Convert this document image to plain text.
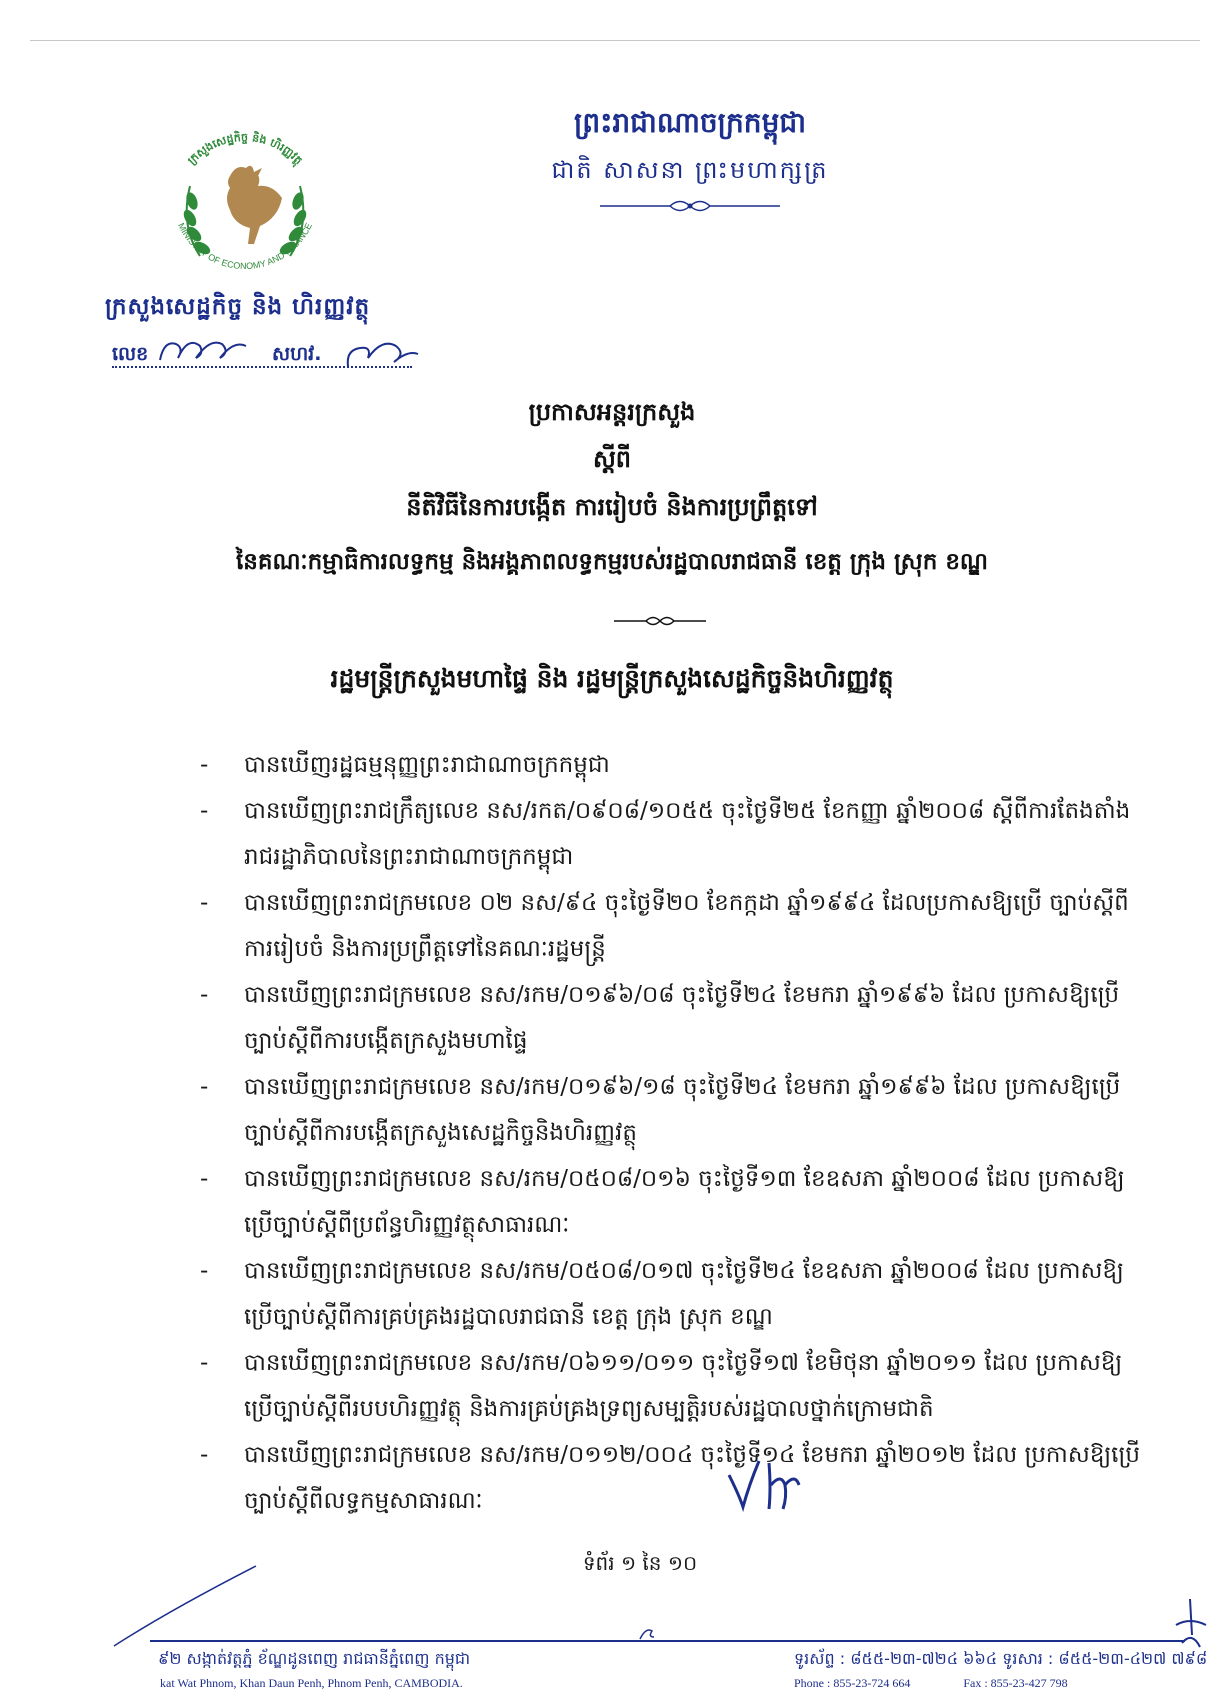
ក្រសួងសេដ្ឋកិច្ច និង ហិរញ្ញវត្ថុ
MINISTRY OF ECONOMY AND FINANCE
ក្រសួងសេដ្ឋកិច្ច និង ហិរញ្ញវត្ថុ
លេខ	សហវ.
ព្រះរាជាណាចក្រកម្ពុជា
ជាតិ សាសនា ព្រះមហាក្សត្រ
ប្រកាសអន្តរក្រសួង
ស្តីពី
នីតិវិធីនៃការបង្កើត ការរៀបចំ និងការប្រព្រឹត្តទៅ
នៃគណៈកម្មាធិការលទ្ធកម្ម និងអង្គភាពលទ្ធកម្មរបស់រដ្ឋបាលរាជធានី ខេត្ត ក្រុង ស្រុក ខណ្ឌ
រដ្ឋមន្ត្រីក្រសួងមហាផ្ទៃ និង រដ្ឋមន្ត្រីក្រសួងសេដ្ឋកិច្ចនិងហិរញ្ញវត្ថុ
- បានឃើញរដ្ឋធម្មនុញ្ញព្រះរាជាណាចក្រកម្ពុជា
- បានឃើញព្រះរាជក្រឹត្យលេខ នស/រកត/០៩០៨/១០៥៥ ចុះថ្ងៃទី២៥ ខែកញ្ញា ឆ្នាំ២០០៨ ស្តីពីការតែងតាំងរាជរដ្ឋាភិបាលនៃព្រះរាជាណាចក្រកម្ពុជា
- បានឃើញព្រះរាជក្រមលេខ ០២ នស/៩៤ ចុះថ្ងៃទី២០ ខែកក្កដា ឆ្នាំ១៩៩៤ ដែលប្រកាសឱ្យប្រើ ច្បាប់ស្តីពីការរៀបចំ និងការប្រព្រឹត្តទៅនៃគណៈរដ្ឋមន្ត្រី
- បានឃើញព្រះរាជក្រមលេខ នស/រកម/០១៩៦/០៨ ចុះថ្ងៃទី២៤ ខែមករា ឆ្នាំ១៩៩៦ ដែល ប្រកាសឱ្យប្រើច្បាប់ស្តីពីការបង្កើតក្រសួងមហាផ្ទៃ
- បានឃើញព្រះរាជក្រមលេខ នស/រកម/០១៩៦/១៨ ចុះថ្ងៃទី២៤ ខែមករា ឆ្នាំ១៩៩៦ ដែល ប្រកាសឱ្យប្រើច្បាប់ស្តីពីការបង្កើតក្រសួងសេដ្ឋកិច្ចនិងហិរញ្ញវត្ថុ
- បានឃើញព្រះរាជក្រមលេខ នស/រកម/០៥០៨/០១៦ ចុះថ្ងៃទី១៣ ខែឧសភា ឆ្នាំ២០០៨ ដែល ប្រកាសឱ្យប្រើច្បាប់ស្តីពីប្រព័ន្ធហិរញ្ញវត្ថុសាធារណៈ
- បានឃើញព្រះរាជក្រមលេខ នស/រកម/០៥០៨/០១៧ ចុះថ្ងៃទី២៤ ខែឧសភា ឆ្នាំ២០០៨ ដែល ប្រកាសឱ្យប្រើច្បាប់ស្តីពីការគ្រប់គ្រងរដ្ឋបាលរាជធានី ខេត្ត ក្រុង ស្រុក ខណ្ឌ
- បានឃើញព្រះរាជក្រមលេខ នស/រកម/០៦១១/០១១ ចុះថ្ងៃទី១៧ ខែមិថុនា ឆ្នាំ២០១១ ដែល ប្រកាសឱ្យប្រើច្បាប់ស្តីពីរបបហិរញ្ញវត្ថុ និងការគ្រប់គ្រងទ្រព្យសម្បត្តិរបស់រដ្ឋបាលថ្នាក់ក្រោមជាតិ
- បានឃើញព្រះរាជក្រមលេខ នស/រកម/០១១២/០០៤ ចុះថ្ងៃទី១៤ ខែមករា ឆ្នាំ២០១២ ដែល ប្រកាសឱ្យប្រើច្បាប់ស្តីពីលទ្ធកម្មសាធារណៈ
ទំព័រ ១ នៃ ១០
៩២ សង្កាត់វត្តភ្នំ ខ័ណ្ឌដូនពេញ រាជធានីភ្នំពេញ កម្ពុជា
kat Wat Phnom, Khan Daun Penh, Phnom Penh, CAMBODIA.
ទូរស័ព្ទ : ៨៥៥-២៣-៧២៤ ៦៦៤ ទូរសារ : ៨៥៥-២៣-៤២៧ ៧៩៨
Phone : 855-23-724 664	Fax : 855-23-427 798
